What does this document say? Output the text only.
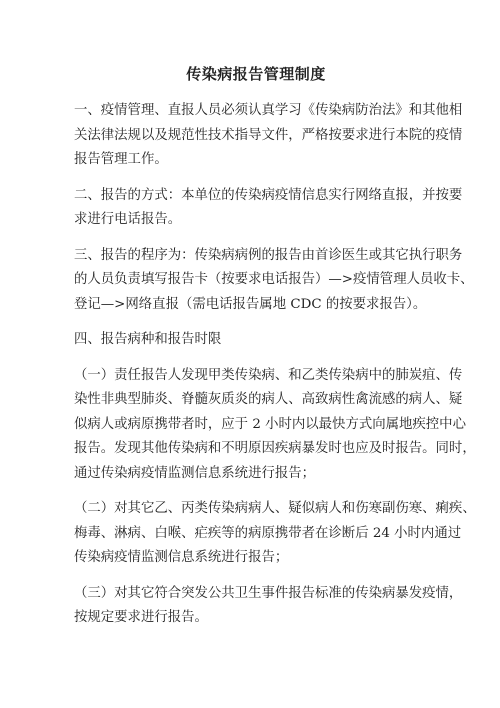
传染病报告管理制度
一、疫情管理、直报人员必须认真学习《传染病防治法》和其他相
关法律法规以及规范性技术指导文件，严格按要求进行本院的疫情
报告管理工作。
二、报告的方式：本单位的传染病疫情信息实行网络直报，并按要
求进行电话报告。
三、报告的程序为：传染病病例的报告由首诊医生或其它执行职务
的人员负责填写报告卡（按要求电话报告）—>疫情管理人员收卡、
登记—>网络直报（需电话报告属地 CDC 的按要求报告）。
四、报告病种和报告时限
（一）责任报告人发现甲类传染病、和乙类传染病中的肺炭疽、传
染性非典型肺炎、脊髓灰质炎的病人、高致病性禽流感的病人、疑
似病人或病原携带者时，应于 2 小时内以最快方式向属地疾控中心
报告。发现其他传染病和不明原因疾病暴发时也应及时报告。同时，
通过传染病疫情监测信息系统进行报告；
（二）对其它乙、丙类传染病病人、疑似病人和伤寒副伤寒、痢疾、
梅毒、淋病、白喉、疟疾等的病原携带者在诊断后 24 小时内通过
传染病疫情监测信息系统进行报告；
（三）对其它符合突发公共卫生事件报告标准的传染病暴发疫情，
按规定要求进行报告。
